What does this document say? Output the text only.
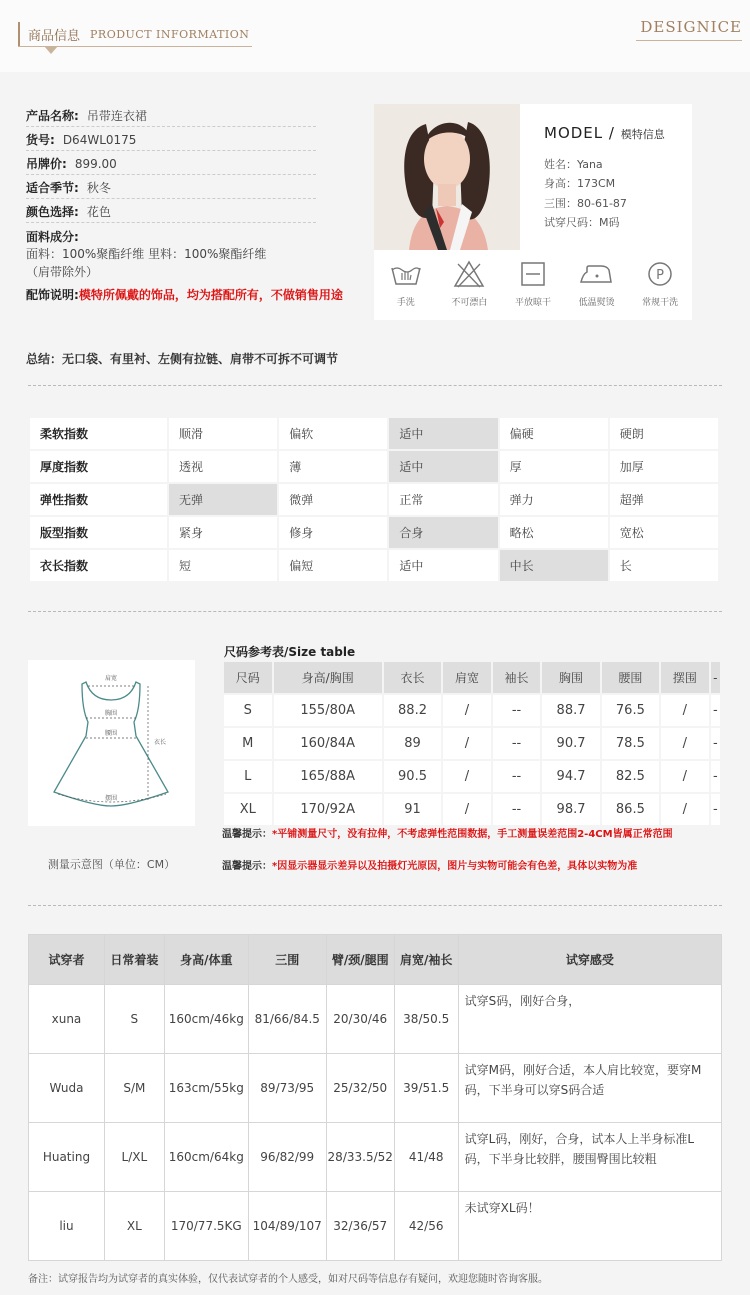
商品信息 PRODUCT INFORMATION	DESIGNICE
产品名称: 吊带连衣裙
货号: D64WL0175
吊牌价: 899.00
适合季节: 秋冬
颜色选择: 花色
面料成分:
面料：100%聚酯纤维 里料：100%聚酯纤维
（肩带除外）
配饰说明:模特所佩戴的饰品，均为搭配所有，不做销售用途
MODEL / 模特信息
姓名：Yana
身高：173CM
三围：80-61-87
试穿尺码：M码
手洗	不可漂白	平放晾干	低温熨烫
P
常规干洗
总结：无口袋、有里衬、左侧有拉链、肩带不可拆不可调节
柔软指数	顺滑	偏软	适中	偏硬	硬朗
厚度指数	透视	薄	适中	厚	加厚
弹性指数	无弹	微弹	正常	弹力	超弹
版型指数	紧身	修身	合身	略松	宽松
衣长指数	短	偏短	适中	中长	长
肩宽
胸围
腰围
衣长
摆围
测量示意图（单位：CM）
尺码参考表/Size table
尺码	身高/胸围	衣长	肩宽	袖长	胸围	腰围	摆围	-
S	155/80A	88.2	/	--	88.7	76.5	/	-
M	160/84A	89	/	--	90.7	78.5	/	-
L	165/88A	90.5	/	--	94.7	82.5	/	-
XL	170/92A	91	/	--	98.7	86.5	/	-
温馨提示：*平铺测量尺寸，没有拉伸，不考虑弹性范围数据，手工测量误差范围2-4CM皆属正常范围
温馨提示：*因显示器显示差异以及拍摄灯光原因，图片与实物可能会有色差，具体以实物为准
试穿者	日常着装	身高/体重	三围	臂/颈/腿围	肩宽/袖长	试穿感受
xuna	S	160cm/46kg	81/66/84.5	20/30/46	38/50.5	试穿S码，刚好合身，
Wuda	S/M	163cm/55kg	89/73/95	25/32/50	39/51.5	试穿M码，刚好合适，本人肩比较宽，要穿M码，下半身可以穿S码合适
Huating	L/XL	160cm/64kg	96/82/99	28/33.5/52	41/48	试穿L码，刚好，合身，试本人上半身标准L码，下半身比较胖，腰围臀围比较粗
liu	XL	170/77.5KG	104/89/107	32/36/57	42/56	未试穿XL码！
备注：试穿报告均为试穿者的真实体验，仅代表试穿者的个人感受，如对尺码等信息存有疑问，欢迎您随时咨询客服。
